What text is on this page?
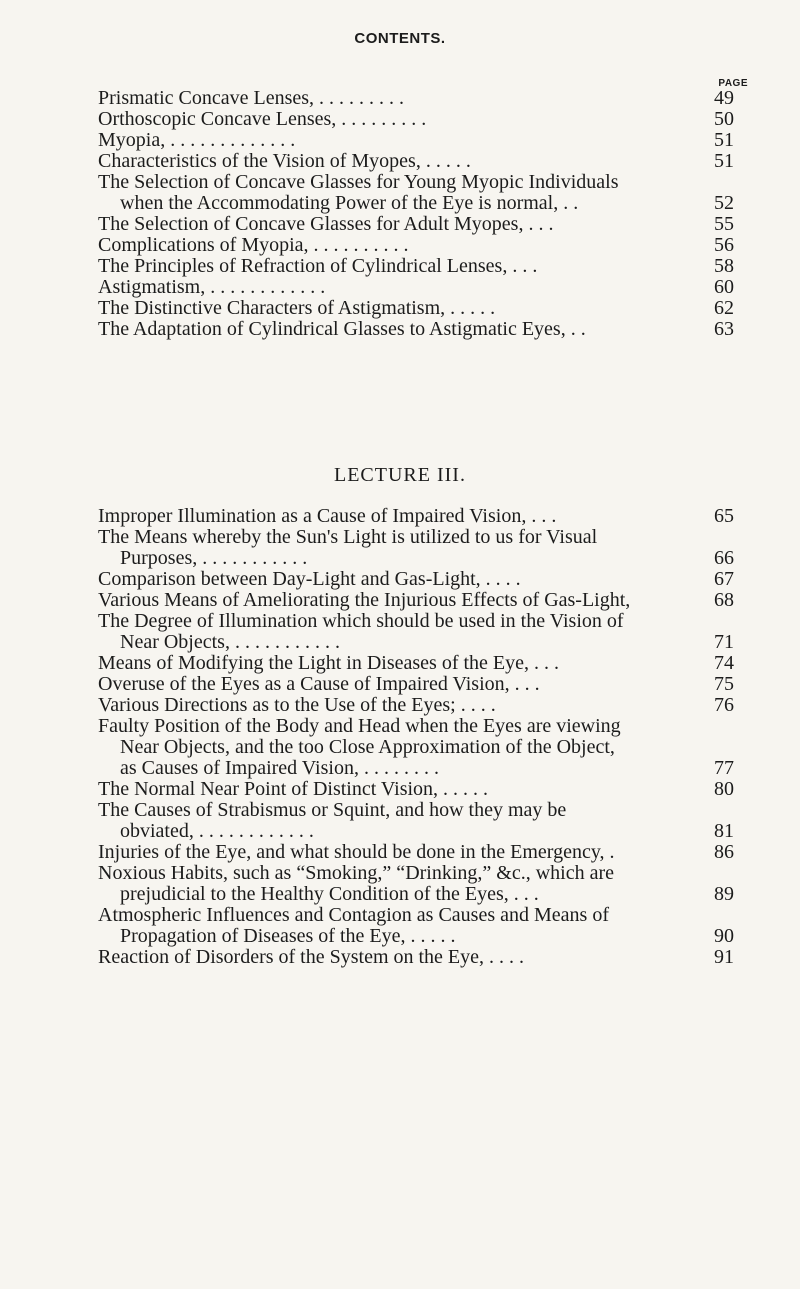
CONTENTS.
PAGE
Prismatic Concave Lenses, . . . . . . . . .	49
Orthoscopic Concave Lenses, . . . . . . . . .	50
Myopia, . . . . . . . . . . . . .	51
Characteristics of the Vision of Myopes, . . . . .	51
The Selection of Concave Glasses for Young Myopic Individuals
when the Accommodating Power of the Eye is normal, . .	52
The Selection of Concave Glasses for Adult Myopes, . . .	55
Complications of Myopia, . . . . . . . . . .	56
The Principles of Refraction of Cylindrical Lenses, . . .	58
Astigmatism, . . . . . . . . . . . .	60
The Distinctive Characters of Astigmatism, . . . . .	62
The Adaptation of Cylindrical Glasses to Astigmatic Eyes, . .	63
LECTURE III.
Improper Illumination as a Cause of Impaired Vision, . . .	65
The Means whereby the Sun's Light is utilized to us for Visual
Purposes, . . . . . . . . . . .	66
Comparison between Day-Light and Gas-Light, . . . .	67
Various Means of Ameliorating the Injurious Effects of Gas-Light,	68
The Degree of Illumination which should be used in the Vision of
Near Objects, . . . . . . . . . . .	71
Means of Modifying the Light in Diseases of the Eye, . . .	74
Overuse of the Eyes as a Cause of Impaired Vision, . . .	75
Various Directions as to the Use of the Eyes; . . . .	76
Faulty Position of the Body and Head when the Eyes are viewing
Near Objects, and the too Close Approximation of the Object,
as Causes of Impaired Vision, . . . . . . . .	77
The Normal Near Point of Distinct Vision, . . . . .	80
The Causes of Strabismus or Squint, and how they may be
obviated, . . . . . . . . . . . .	81
Injuries of the Eye, and what should be done in the Emergency, .	86
Noxious Habits, such as “Smoking,” “Drinking,” &c., which are
prejudicial to the Healthy Condition of the Eyes, . . .	89
Atmospheric Influences and Contagion as Causes and Means of
Propagation of Diseases of the Eye, . . . . .	90
Reaction of Disorders of the System on the Eye, . . . .	91
